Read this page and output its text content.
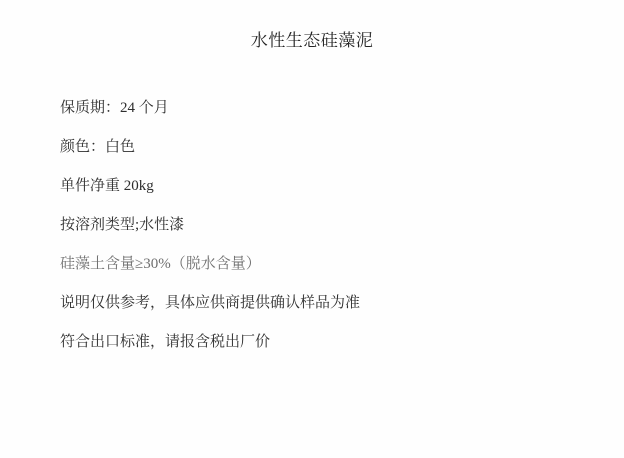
水性生态硅藻泥
保质期：24 个月
颜色：白色
单件净重 20kg
按溶剂类型;水性漆
硅藻土含量≥30%（脱水含量）
说明仅供参考，具体应供商提供确认样品为准
符合出口标准，请报含税出厂价
